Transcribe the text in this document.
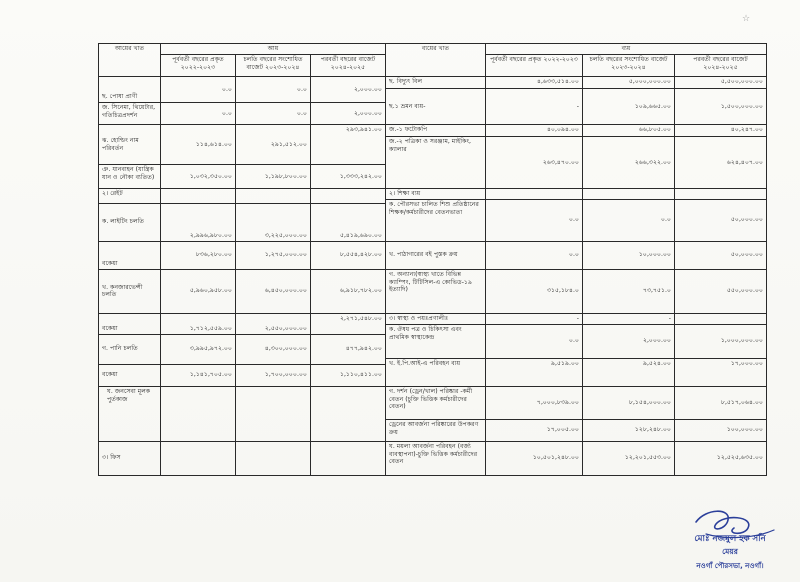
☆
আয়ের খাত	আয়			ব্যয়ের খাত	ব্যয়		
	পূর্ববর্তী বছরের প্রকৃত ২০২২-২০২৩	চলতি বছরের সংশোধিত বাজেট ২০২৩-২০২৪	পরবর্তী বছরের বাজেট ২০২৪-২০২৫		পূর্ববর্তী বছরের প্রকৃত ২০২২-২০২৩	চলতি বছরের সংশোধিত বাজেট ২০২৩-২০২৪	পরবর্তী বছরের বাজেট ২০২৪-২০২৫
ছ. পোষা প্রাণী	০.০	০.০	২,০০০.০০	ছ. বিদ্যুৎ বিল	৪,৬৩৩,৫১৪.০০	৫,০০০,০০০.০০	৫,৫০০,০০০.০০
				ছ.১ ভ্রমন ব্যয়-	-	১০৯,৬৬৫.০০	১,৫০০,০০০.০০
জ. সিনেমা, থিয়েটার, গতিচিত্রপ্রদর্শন	০.০	০.০	২,০০০.০০				
ঝ. হোল্ডিং নাম পরিবর্তন	১১৪,৬১৪.০০	২৯১,৫১২.০০	২৯৩,৯৪১.০০	জ.-১ ফটোকপি	৪০,০৯৪.০০	৬৬,৮০৫.০০	৪০,২৪৭.০০
				জ.-২ পত্রিকা ও সরঞ্জাম, মাইকিং, ক্যালার	২৬৩,৪৭০.০০	২৬৬,৩২২.০০	৬২৪,৪০৭.০০
ঞ. যানবাহন (যান্ত্রিক যান ও নৌকা ব্যতিত)	১,০৩২,৩৫০.০০	১,১৯৮,৮০০.০০	১,৩৩৩,২৪২.০০				
২। রেইট				২। শিক্ষা ব্যয়			
				ক. পৌরসভা চালিত শিশু প্রতিষ্ঠানের শিক্ষক/কর্মচারীদের বেতনভাতা	০.০	০.০	৫০,০০০.০০
ক. লাইটিং চলতি	২,৯৯৬,৯৮০.০০	৩,২২৫,০০০.০০	৫,৪১৯,৬৯০.০০				
বকেয়া	৮৩৬,২৮০.০০	১,২৭৫,০০০.০০	৮,৫৫৪,৪২৮.০০	খ. পাঠাগারের বই পুস্তক ক্রয়	০.০	১০,০০০.০০	৫০,০০০.০০
খ. কনজারভেন্সী চলতি	৫,৯৬০,৯৫৮.০০	৬,৪৫০,০০০.০০	৬,৯১৮,৭৮২.০০	গ. অন্যান্য(স্বাস্থ্য খাতে বিভিন্ন ক্যাম্পিং, টিটিসিল-এ কোভিড-১৯ ইত্যাদি)	৩১৫,১৮৪.০	৭৩,৭৫১.০	৫৫০,০০০.০০
বকেয়া	১,৭১২,৫৫৯.০০	২,৫৫০,০০০.০০	২,২৭১,৫৪৮.০০	৩। স্বাস্থ্য ও পয়ঃপ্রণালীঃ	-	-	
				ক. ঔষধ পত্র ও চিকিৎসা এবং প্রাথমিক স্বাস্থ্যকেন্দ্র	০.০	২,০০০.০০	১,০০০,০০০.০০
গ. পানি চলতি	৩,৯৯৫,৯৭২.০০	৪,৩০০,০০০.০০	৪৭৭,৯৪২.০০				
				খ. ই.পি.আই-এ পরিবহন ব্যয়	৯,৫১৯.০০	৯,৫২৪.০০	১৭,০০০.০০
বকেয়া	১,১৪১,৭০৫.০০	১,৭০০,০০০.০০	১,১১০,৪১১.০০				
ঘ. জনসেবা মূলক পুর্তকাজ				গ. দর্শন (ড্রেন/খাল) পরিষ্কার -কর্মী বেতন (চুক্তি ভিত্তিক কর্মচারীদের বেতন)	৭,০০০,৮৩৯.০০	৮,১৫৪,০০০.০০	৮,৫১৭,০৬৪.০০
				ড্রেনের আবর্জনা পরিষ্কারের উপকরণ ক্রয়	১৭,০০৫.০০	১২৮,২৪৮.০০	১০০,০০০.০০
৩। ফিস				ঘ. ময়লা আবর্জনা পরিবহন (বর্জ্য ব্যবস্থাপনা)-চুক্তি ভিত্তিক কর্মচারীদের বেতন	১০,৫০১,২৪৮.০০	১২,২০১,৫৫৩.০০	১২,৫২৫,৬৩৫.০০
মোঃ নজমুল হক সনি
মেয়র
নওগাঁ পৌরসভা, নওগাঁ।
